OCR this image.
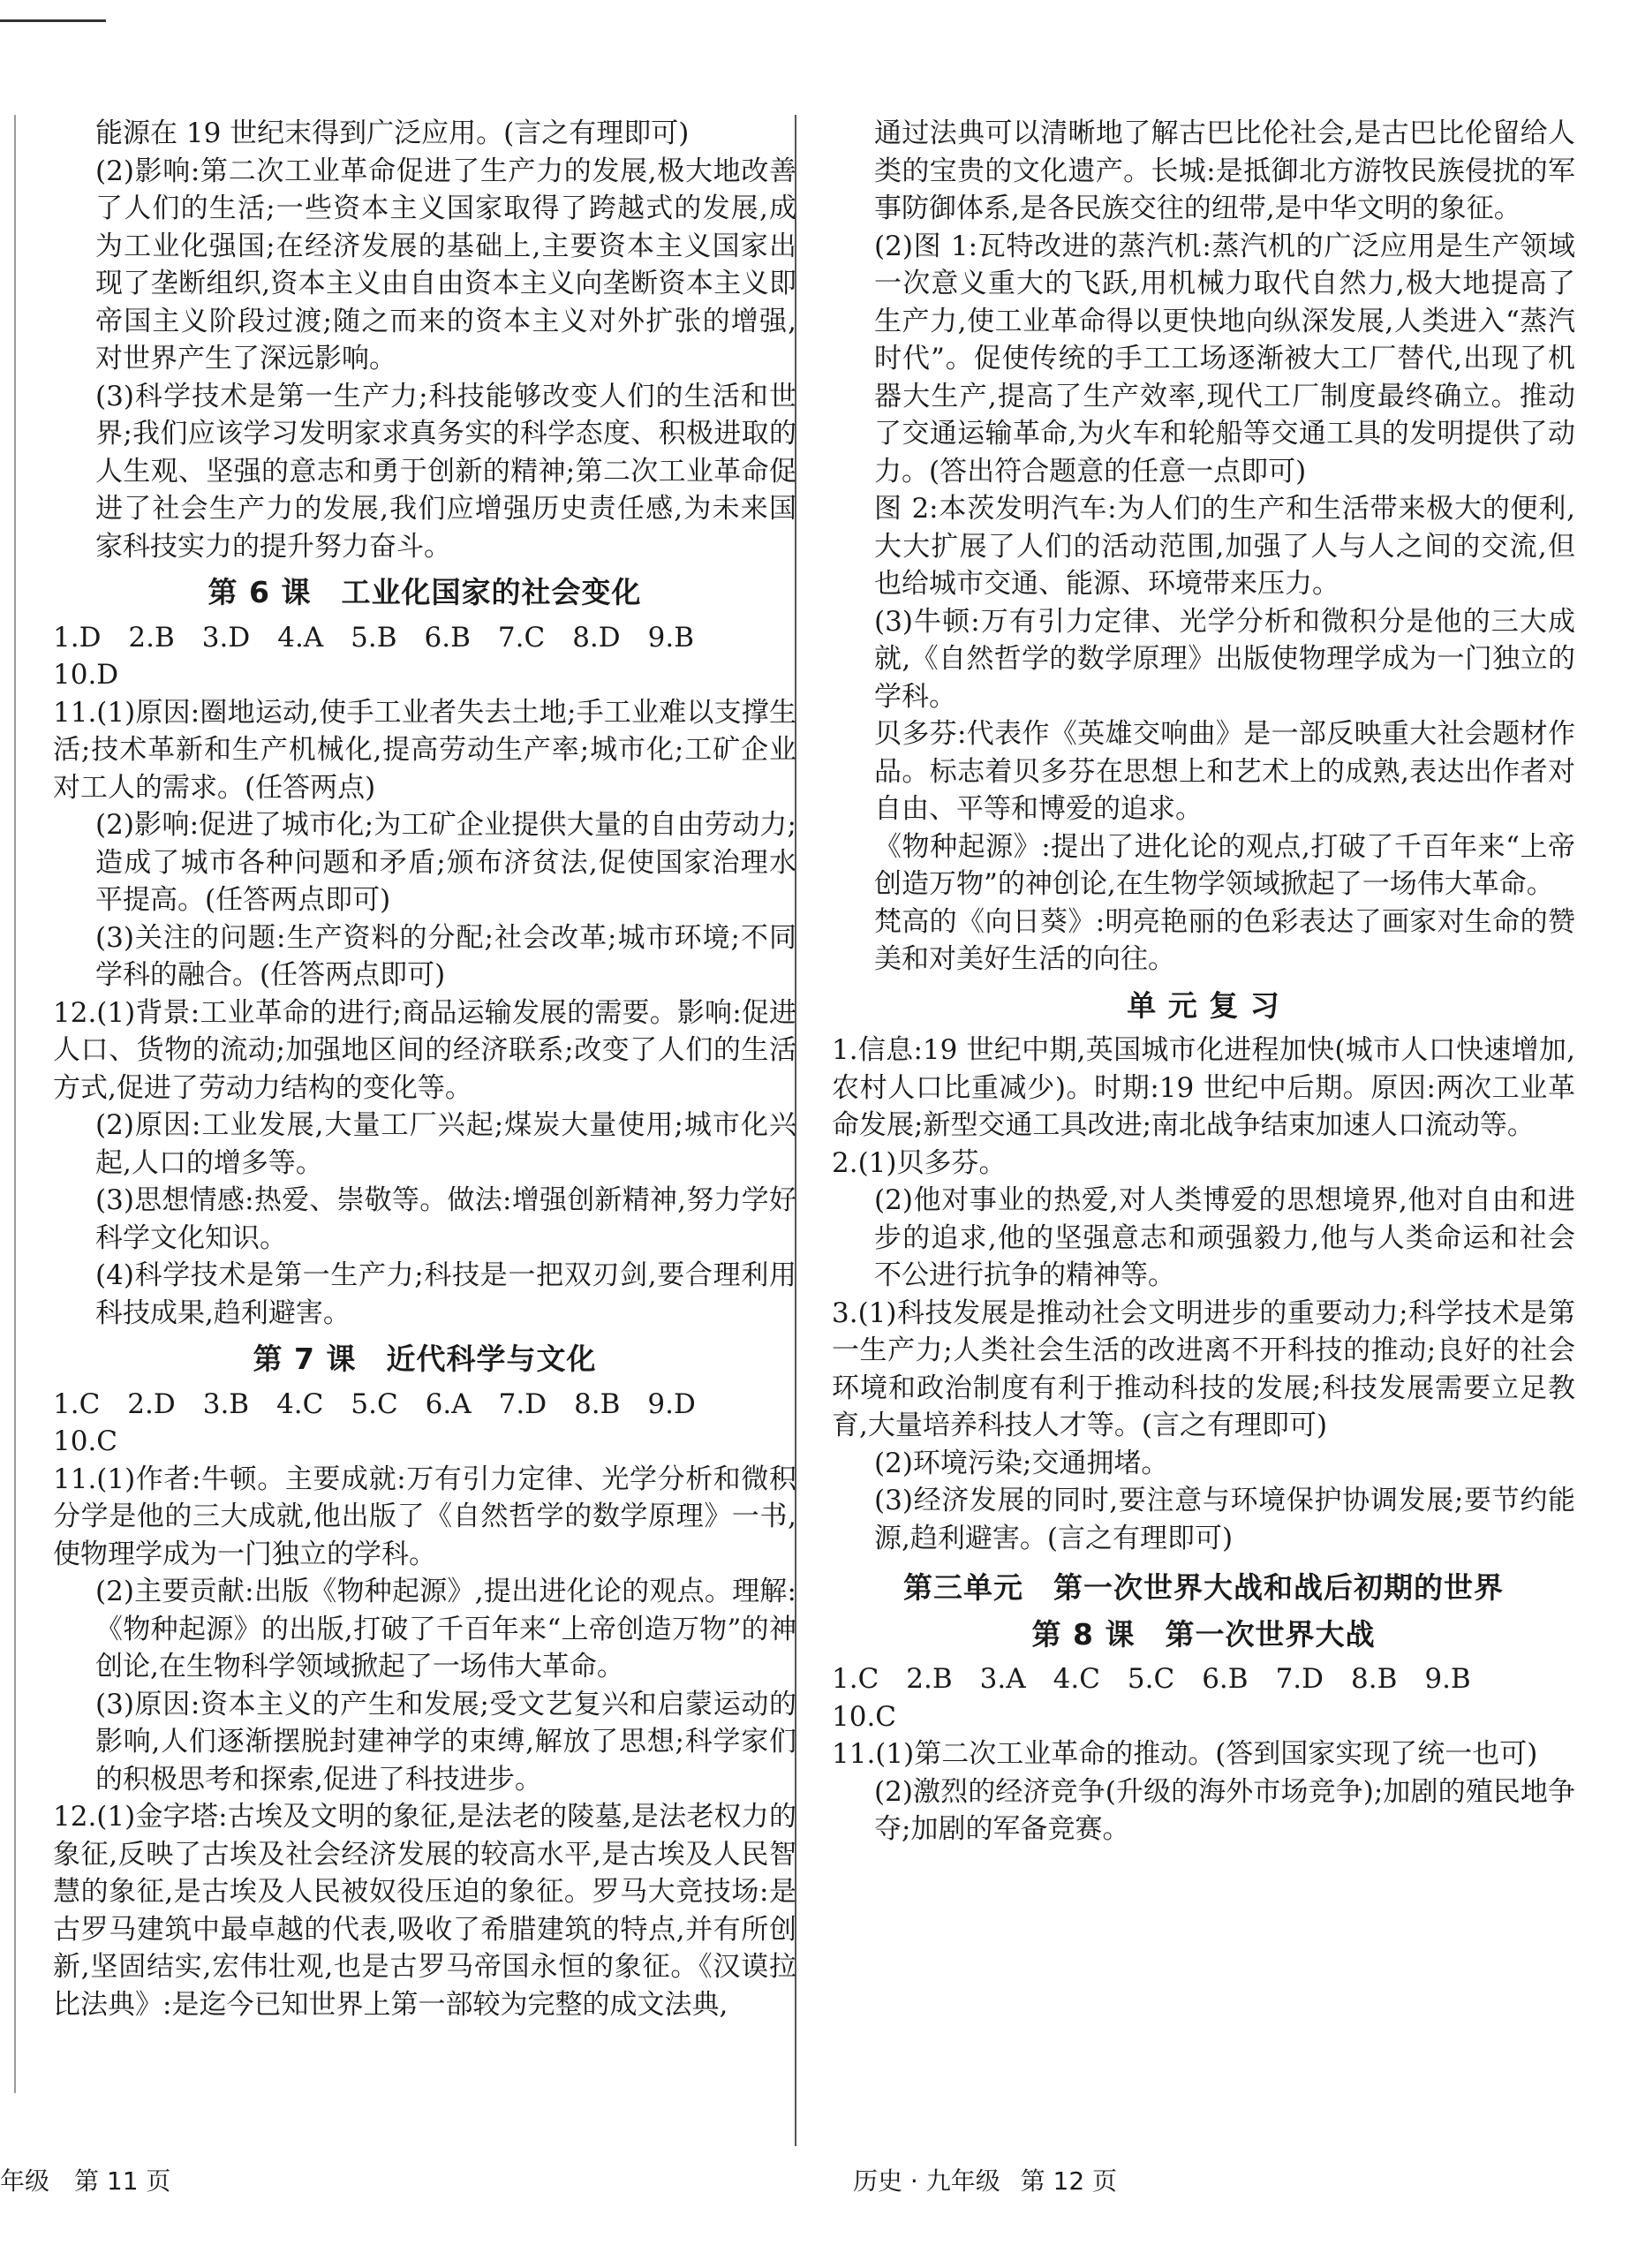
能源在 19 世纪末得到广泛应用。(言之有理即可)

(2)影响:第二次工业革命促进了生产力的发展,极大地改善了人们的生活;一些资本主义国家取得了跨越式的发展,成为工业化强国;在经济发展的基础上,主要资本主义国家出现了垄断组织,资本主义由自由资本主义向垄断资本主义即帝国主义阶段过渡;随之而来的资本主义对外扩张的增强,对世界产生了深远影响。

(3)科学技术是第一生产力;科技能够改变人们的生活和世界;我们应该学习发明家求真务实的科学态度、积极进取的人生观、坚强的意志和勇于创新的精神;第二次工业革命促进了社会生产力的发展,我们应增强历史责任感,为未来国家科技实力的提升努力奋斗。

第 6 课　工业化国家的社会变化

1.D　2.B　3.D　4.A　5.B　6.B　7.C　8.D　9.B

10.D

11.(1)原因:圈地运动,使手工业者失去土地;手工业难以支撑生活;技术革新和生产机械化,提高劳动生产率;城市化;工矿企业对工人的需求。(任答两点)

(2)影响:促进了城市化;为工矿企业提供大量的自由劳动力;造成了城市各种问题和矛盾;颁布济贫法,促使国家治理水平提高。(任答两点即可)

(3)关注的问题:生产资料的分配;社会改革;城市环境;不同学科的融合。(任答两点即可)

12.(1)背景:工业革命的进行;商品运输发展的需要。影响:促进人口、货物的流动;加强地区间的经济联系;改变了人们的生活方式,促进了劳动力结构的变化等。

(2)原因:工业发展,大量工厂兴起;煤炭大量使用;城市化兴起,人口的增多等。

(3)思想情感:热爱、崇敬等。做法:增强创新精神,努力学好科学文化知识。

(4)科学技术是第一生产力;科技是一把双刃剑,要合理利用科技成果,趋利避害。

第 7 课　近代科学与文化

1.C　2.D　3.B　4.C　5.C　6.A　7.D　8.B　9.D

10.C

11.(1)作者:牛顿。主要成就:万有引力定律、光学分析和微积分学是他的三大成就,他出版了《自然哲学的数学原理》一书,使物理学成为一门独立的学科。

(2)主要贡献:出版《物种起源》,提出进化论的观点。理解:《物种起源》的出版,打破了千百年来“上帝创造万物”的神创论,在生物科学领域掀起了一场伟大革命。

(3)原因:资本主义的产生和发展;受文艺复兴和启蒙运动的影响,人们逐渐摆脱封建神学的束缚,解放了思想;科学家们的积极思考和探索,促进了科技进步。

12.(1)金字塔:古埃及文明的象征,是法老的陵墓,是法老权力的象征,反映了古埃及社会经济发展的较高水平,是古埃及人民智慧的象征,是古埃及人民被奴役压迫的象征。罗马大竞技场:是古罗马建筑中最卓越的代表,吸收了希腊建筑的特点,并有所创新,坚固结实,宏伟壮观,也是古罗马帝国永恒的象征。《汉谟拉比法典》:是迄今已知世界上第一部较为完整的成文法典,

通过法典可以清晰地了解古巴比伦社会,是古巴比伦留给人类的宝贵的文化遗产。长城:是抵御北方游牧民族侵扰的军事防御体系,是各民族交往的纽带,是中华文明的象征。

(2)图 1:瓦特改进的蒸汽机:蒸汽机的广泛应用是生产领域一次意义重大的飞跃,用机械力取代自然力,极大地提高了生产力,使工业革命得以更快地向纵深发展,人类进入“蒸汽时代”。促使传统的手工工场逐渐被大工厂替代,出现了机器大生产,提高了生产效率,现代工厂制度最终确立。推动了交通运输革命,为火车和轮船等交通工具的发明提供了动力。(答出符合题意的任意一点即可)

图 2:本茨发明汽车:为人们的生产和生活带来极大的便利,大大扩展了人们的活动范围,加强了人与人之间的交流,但也给城市交通、能源、环境带来压力。

(3)牛顿:万有引力定律、光学分析和微积分是他的三大成就,《自然哲学的数学原理》出版使物理学成为一门独立的学科。

贝多芬:代表作《英雄交响曲》是一部反映重大社会题材作品。标志着贝多芬在思想上和艺术上的成熟,表达出作者对自由、平等和博爱的追求。

《物种起源》:提出了进化论的观点,打破了千百年来“上帝创造万物”的神创论,在生物学领域掀起了一场伟大革命。

梵高的《向日葵》:明亮艳丽的色彩表达了画家对生命的赞美和对美好生活的向往。

单 元 复 习

1.信息:19 世纪中期,英国城市化进程加快(城市人口快速增加,农村人口比重减少)。时期:19 世纪中后期。原因:两次工业革命发展;新型交通工具改进;南北战争结束加速人口流动等。

2.(1)贝多芬。

(2)他对事业的热爱,对人类博爱的思想境界,他对自由和进步的追求,他的坚强意志和顽强毅力,他与人类命运和社会不公进行抗争的精神等。

3.(1)科技发展是推动社会文明进步的重要动力;科学技术是第一生产力;人类社会生活的改进离不开科技的推动;良好的社会环境和政治制度有利于推动科技的发展;科技发展需要立足教育,大量培养科技人才等。(言之有理即可)

(2)环境污染;交通拥堵。

(3)经济发展的同时,要注意与环境保护协调发展;要节约能源,趋利避害。(言之有理即可)

第三单元　第一次世界大战和战后初期的世界
第 8 课　第一次世界大战

1.C　2.B　3.A　4.C　5.C　6.B　7.D　8.B　9.B

10.C

11.(1)第二次工业革命的推动。(答到国家实现了统一也可)

(2)激烈的经济竞争(升级的海外市场竞争);加剧的殖民地争夺;加剧的军备竞赛。

年级　第 11 页	历史 · 九年级 第 12 页
